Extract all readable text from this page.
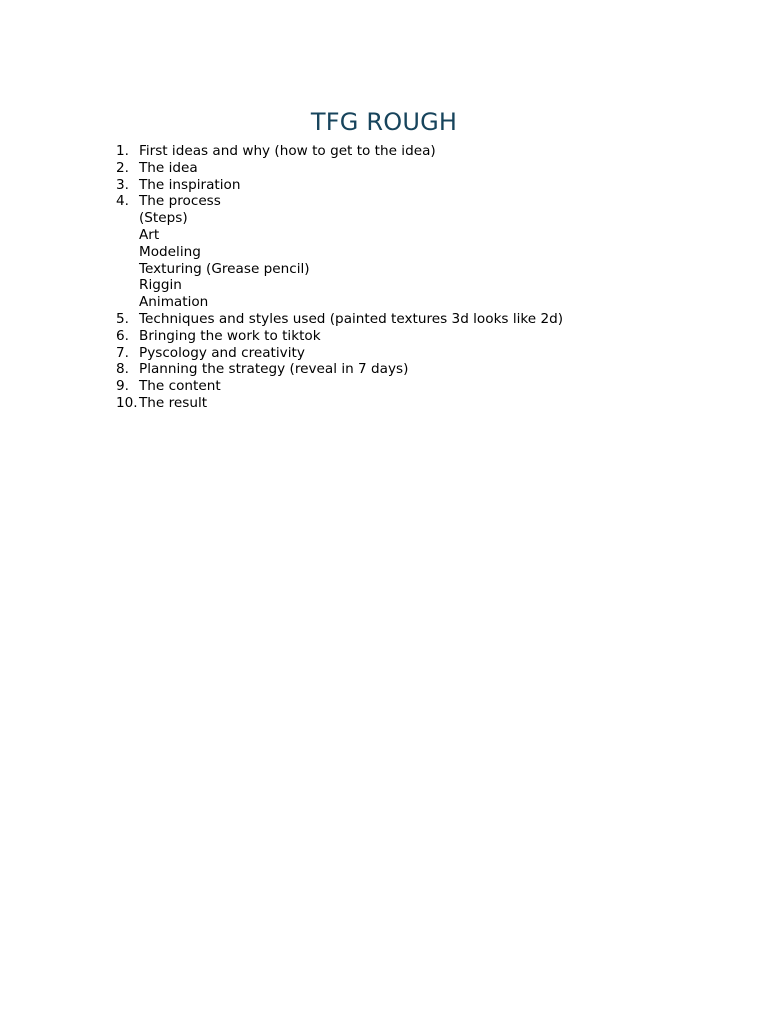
TFG ROUGH
1. First ideas and why (how to get to the idea)
2. The idea
3. The inspiration
4. The process
(Steps)
Art
Modeling
Texturing (Grease pencil)
Riggin
Animation
5. Techniques and styles used (painted textures 3d looks like 2d)
6. Bringing the work to tiktok
7. Pyscology and creativity
8. Planning the strategy (reveal in 7 days)
9. The content
10. The result
